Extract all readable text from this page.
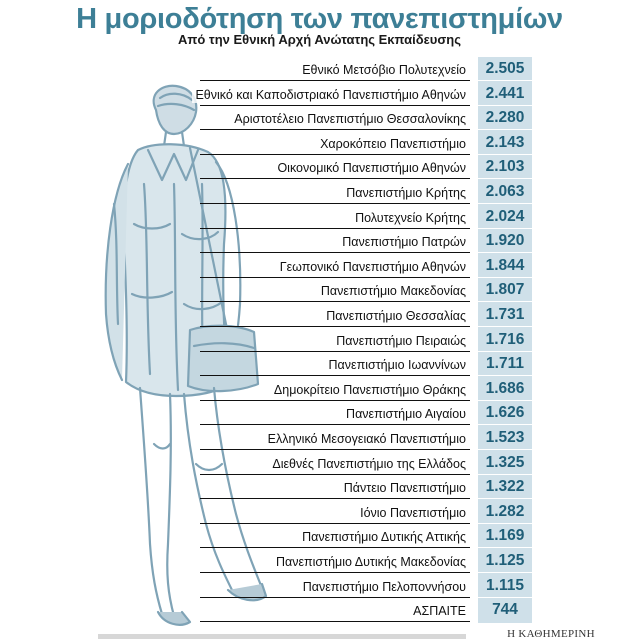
Η μοριοδότηση των πανεπιστημίων
Από την Εθνική Αρχή Ανώτατης Εκπαίδευσης
Εθνικό Μετσόβιο Πολυτεχνείο
Εθνικό και Καποδιστριακό Πανεπιστήμιο Αθηνών
Αριστοτέλειο Πανεπιστήμιο Θεσσαλονίκης
Χαροκόπειο Πανεπιστήμιο
Οικονομικό Πανεπιστήμιο Αθηνών
Πανεπιστήμιο Κρήτης
Πολυτεχνείο Κρήτης
Πανεπιστήμιο Πατρών
Γεωπονικό Πανεπιστήμιο Αθηνών
Πανεπιστήμιο Μακεδονίας
Πανεπιστήμιο Θεσσαλίας
Πανεπιστήμιο Πειραιώς
Πανεπιστήμιο Ιωαννίνων
Δημοκρίτειο Πανεπιστήμιο Θράκης
Πανεπιστήμιο Αιγαίου
Ελληνικό Μεσογειακό Πανεπιστήμιο
Διεθνές Πανεπιστήμιο της Ελλάδος
Πάντειο Πανεπιστήμιο
Ιόνιο Πανεπιστήμιο
Πανεπιστήμιο Δυτικής Αττικής
Πανεπιστήμιο Δυτικής Μακεδονίας
Πανεπιστήμιο Πελοποννήσου
ΑΣΠΑΙΤΕ
Η ΚΑΘΗΜΕΡΙΝΗ
2.505
2.441
2.280
2.143
2.103
2.063
2.024
1.920
1.844
1.807
1.731
1.716
1.711
1.686
1.626
1.523
1.325
1.322
1.282
1.169
1.125
1.115
744
